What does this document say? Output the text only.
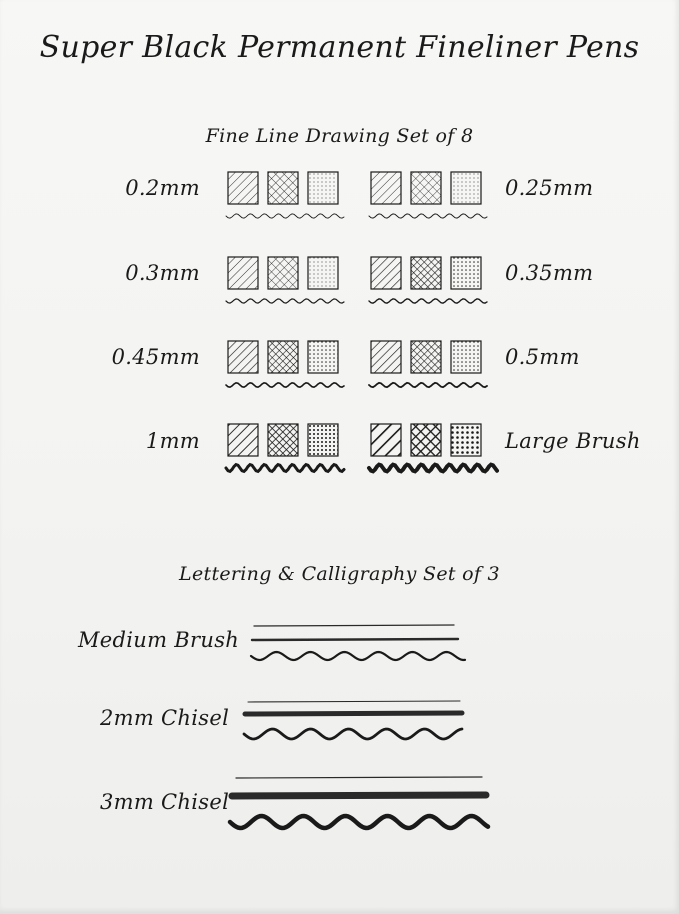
Super Black Permanent Fineliner Pens
Fine Line Drawing Set of 8
0.2mm	0.25mm
0.3mm	0.35mm
0.45mm	0.5mm
1mm	Large Brush
Lettering & Calligraphy Set of 3
Medium Brush
2mm Chisel
3mm Chisel
